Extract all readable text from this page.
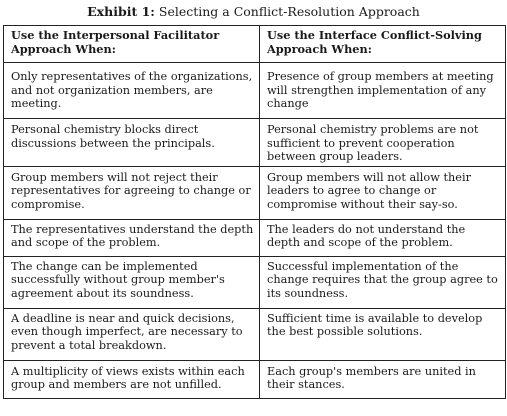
Exhibit 1: Selecting a Conflict-Resolution Approach
Use the Interpersonal Facilitator Approach When:	Use the Interface Conflict-Solving Approach When:
Only representatives of the organizations, and not organization members, are meeting.	Presence of group members at meeting will strengthen implementation of any change
Personal chemistry blocks direct discussions between the principals.	Personal chemistry problems are not sufficient to prevent cooperation between group leaders.
Group members will not reject their representatives for agreeing to change or compromise.	Group members will not allow their leaders to agree to change or compromise without their say-so.
The representatives understand the depth and scope of the problem.	The leaders do not understand the depth and scope of the problem.
The change can be implemented successfully without group member's agreement about its soundness.	Successful implementation of the change requires that the group agree to its soundness.
A deadline is near and quick decisions, even though imperfect, are necessary to prevent a total breakdown.	Sufficient time is available to develop the best possible solutions.
A multiplicity of views exists within each group and members are not unfilled.	Each group's members are united in their stances.
